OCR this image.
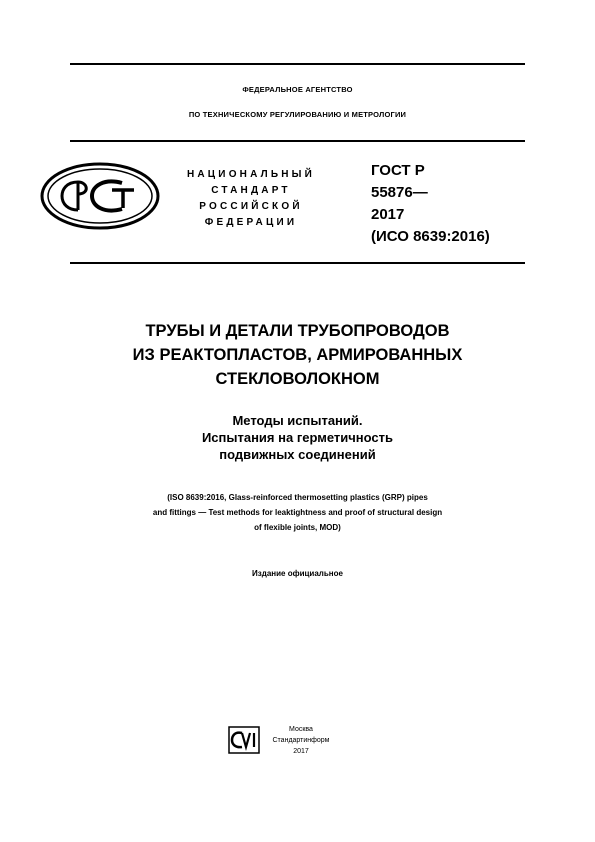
ФЕДЕРАЛЬНОЕ АГЕНТСТВО
ПО ТЕХНИЧЕСКОМУ РЕГУЛИРОВАНИЮ И МЕТРОЛОГИИ
НАЦИОНАЛЬНЫЙ
СТАНДАРТ
РОССИЙСКОЙ
ФЕДЕРАЦИИ
ГОСТ Р
55876—
2017
(ИСО 8639:2016)
ТРУБЫ И ДЕТАЛИ ТРУБОПРОВОДОВ
ИЗ РЕАКТОПЛАСТОВ, АРМИРОВАННЫХ
СТЕКЛОВОЛОКНОМ
Методы испытаний.
Испытания на герметичность
подвижных соединений
(ISO 8639:2016, Glass-reinforced thermosetting plastics (GRP) pipes
and fittings — Test methods for leaktightness and proof of structural design
of flexible joints, MOD)
Издание официальное
Москва
Стандартинформ
2017
